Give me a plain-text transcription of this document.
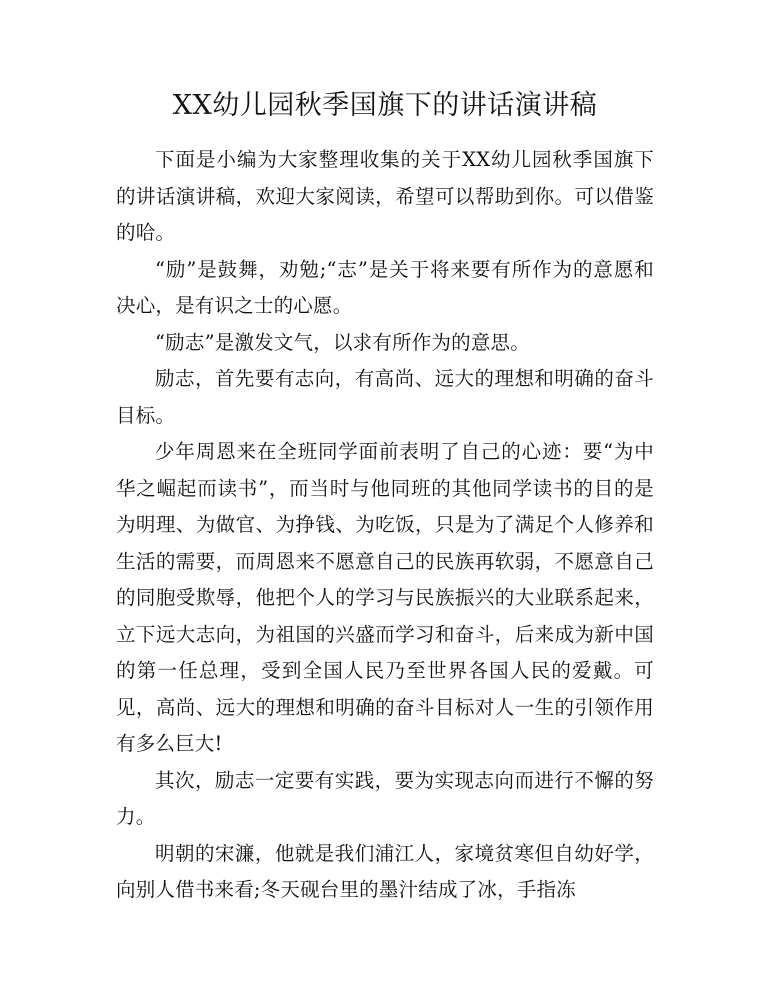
XX幼儿园秋季国旗下的讲话演讲稿

下面是小编为大家整理收集的关于XX幼儿园秋季国旗下的讲话演讲稿，欢迎大家阅读，希望可以帮助到你。可以借鉴的哈。

“励”是鼓舞，劝勉;“志”是关于将来要有所作为的意愿和决心，是有识之士的心愿。

“励志”是激发文气，以求有所作为的意思。

励志，首先要有志向，有高尚、远大的理想和明确的奋斗目标。

少年周恩来在全班同学面前表明了自己的心迹：要“为中华之崛起而读书”，而当时与他同班的其他同学读书的目的是为明理、为做官、为挣钱、为吃饭，只是为了满足个人修养和生活的需要，而周恩来不愿意自己的民族再软弱，不愿意自己的同胞受欺辱，他把个人的学习与民族振兴的大业联系起来，立下远大志向，为祖国的兴盛而学习和奋斗，后来成为新中国的第一任总理，受到全国人民乃至世界各国人民的爱戴。可见，高尚、远大的理想和明确的奋斗目标对人一生的引领作用有多么巨大!

其次，励志一定要有实践，要为实现志向而进行不懈的努力。

明朝的宋濂，他就是我们浦江人，家境贫寒但自幼好学，向别人借书来看;冬天砚台里的墨汁结成了冰，手指冻
